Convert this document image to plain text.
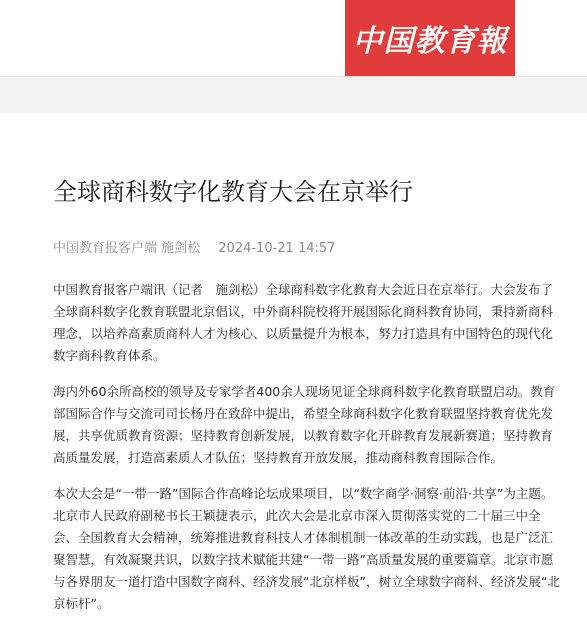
中国教育報
全球商科数字化教育大会在京举行
中国教育报客户端 施剑松 2024-10-21 14:57

中国教育报客户端讯（记者　施剑松）全球商科数字化教育大会近日在京举行。大会发布了全球商科数字化教育联盟北京倡议，中外商科院校将开展国际化商科教育协同，秉持新商科理念，以培养高素质商科人才为核心、以质量提升为根本，努力打造具有中国特色的现代化数字商科教育体系。

海内外60余所高校的领导及专家学者400余人现场见证全球商科数字化教育联盟启动。教育部国际合作与交流司司长杨丹在致辞中提出，希望全球商科数字化教育联盟坚持教育优先发展，共享优质教育资源；坚持教育创新发展，以教育数字化开辟教育发展新赛道；坚持教育高质量发展，打造高素质人才队伍；坚持教育开放发展，推动商科教育国际合作。

本次大会是“一带一路”国际合作高峰论坛成果项目，以“数字商学·洞察·前沿·共享”为主题。北京市人民政府副秘书长王颖捷表示，此次大会是北京市深入贯彻落实党的二十届三中全会、全国教育大会精神，统筹推进教育科技人才体制机制一体改革的生动实践，也是广泛汇聚智慧，有效凝聚共识，以数字技术赋能共建“一带一路”高质量发展的重要篇章。北京市愿与各界朋友一道打造中国数字商科、经济发展“北京样板”，树立全球数字商科、经济发展“北京标杆”。
